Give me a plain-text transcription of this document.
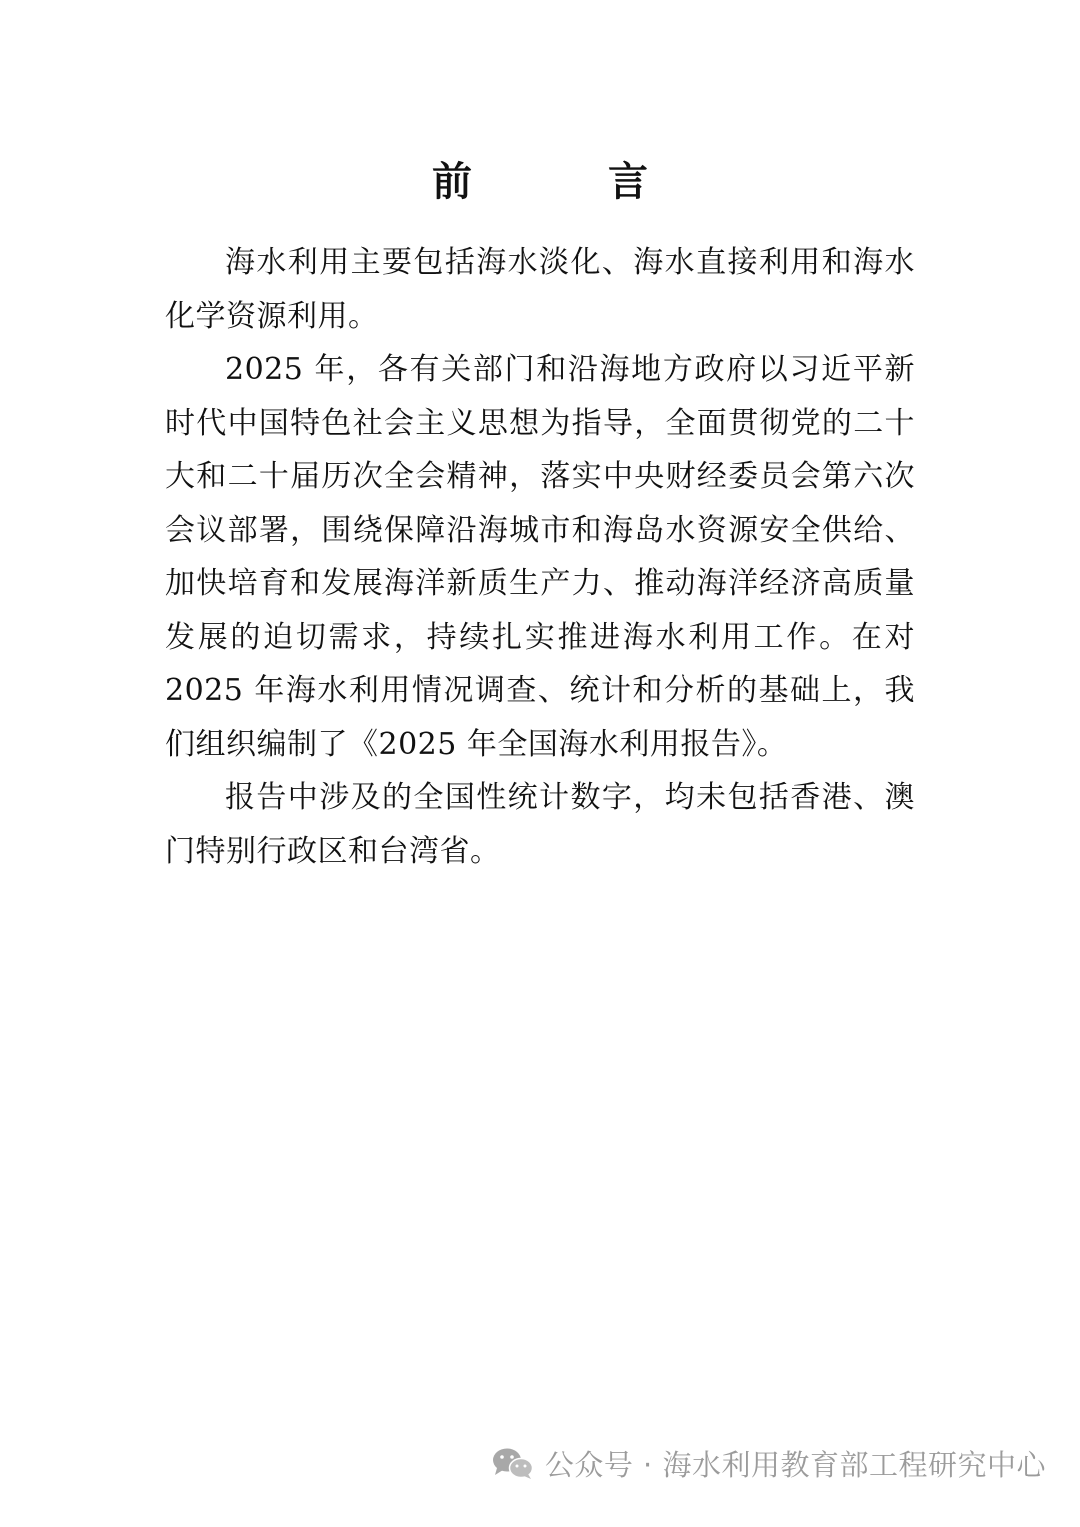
前　言

海水利用主要包括海水淡化、海水直接利用和海水化学资源利用。

2025 年，各有关部门和沿海地方政府以习近平新时代中国特色社会主义思想为指导，全面贯彻党的二十大和二十届历次全会精神，落实中央财经委员会第六次会议部署，围绕保障沿海城市和海岛水资源安全供给、加快培育和发展海洋新质生产力、推动海洋经济高质量发展的迫切需求，持续扎实推进海水利用工作。在对 2025 年海水利用情况调查、统计和分析的基础上，我们组织编制了《2025 年全国海水利用报告》。

报告中涉及的全国性统计数字，均未包括香港、澳门特别行政区和台湾省。

公众号 · 海水利用教育部工程研究中心
